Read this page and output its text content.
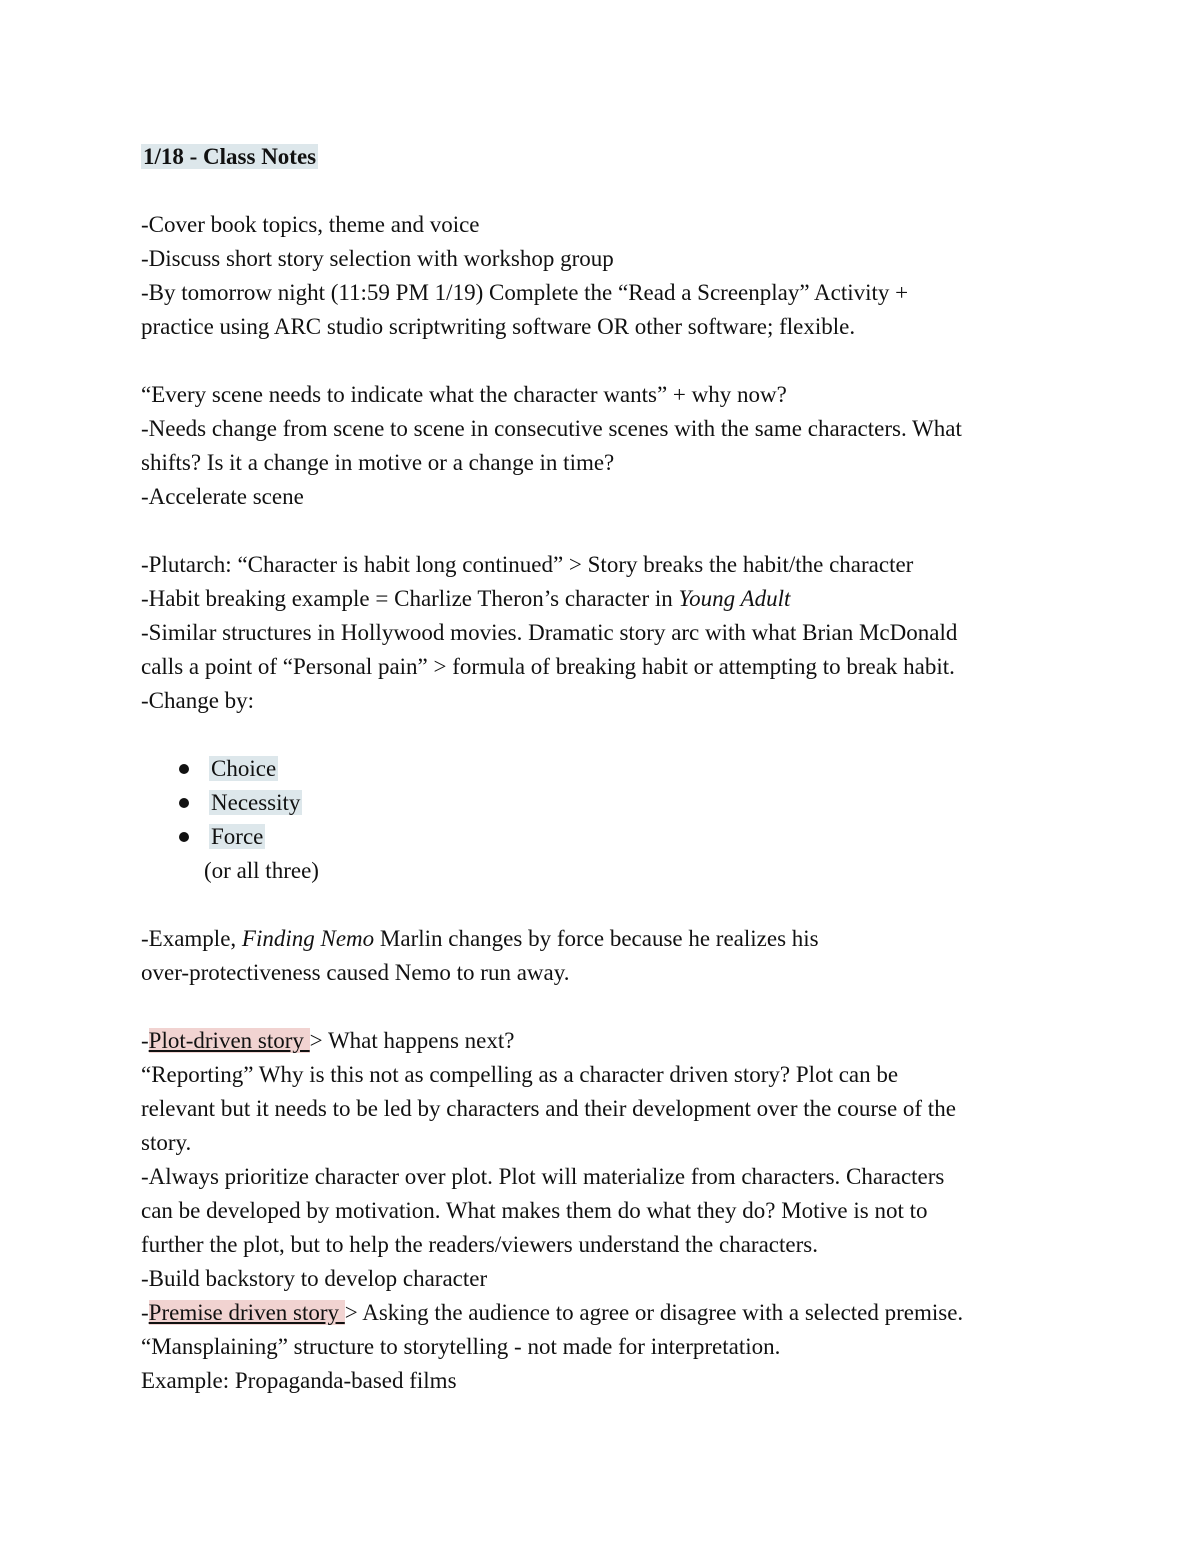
1/18 - Class Notes
-Cover book topics, theme and voice
-Discuss short story selection with workshop group
-By tomorrow night (11:59 PM 1/19) Complete the “Read a Screenplay” Activity +
practice using ARC studio scriptwriting software OR other software; flexible.
“Every scene needs to indicate what the character wants” + why now?
-Needs change from scene to scene in consecutive scenes with the same characters. What
shifts? Is it a change in motive or a change in time?
-Accelerate scene
-Plutarch: “Character is habit long continued” > Story breaks the habit/the character
-Habit breaking example = Charlize Theron’s character in Young Adult
-Similar structures in Hollywood movies. Dramatic story arc with what Brian McDonald
calls a point of “Personal pain” > formula of breaking habit or attempting to break habit.
-Change by:
Choice
Necessity
Force
(or all three)
-Example, Finding Nemo Marlin changes by force because he realizes his
over-protectiveness caused Nemo to run away.
-Plot-driven story > What happens next?
“Reporting” Why is this not as compelling as a character driven story? Plot can be
relevant but it needs to be led by characters and their development over the course of the
story.
-Always prioritize character over plot. Plot will materialize from characters. Characters
can be developed by motivation. What makes them do what they do? Motive is not to
further the plot, but to help the readers/viewers understand the characters.
-Build backstory to develop character
-Premise driven story > Asking the audience to agree or disagree with a selected premise.
“Mansplaining” structure to storytelling - not made for interpretation.
Example: Propaganda-based films
